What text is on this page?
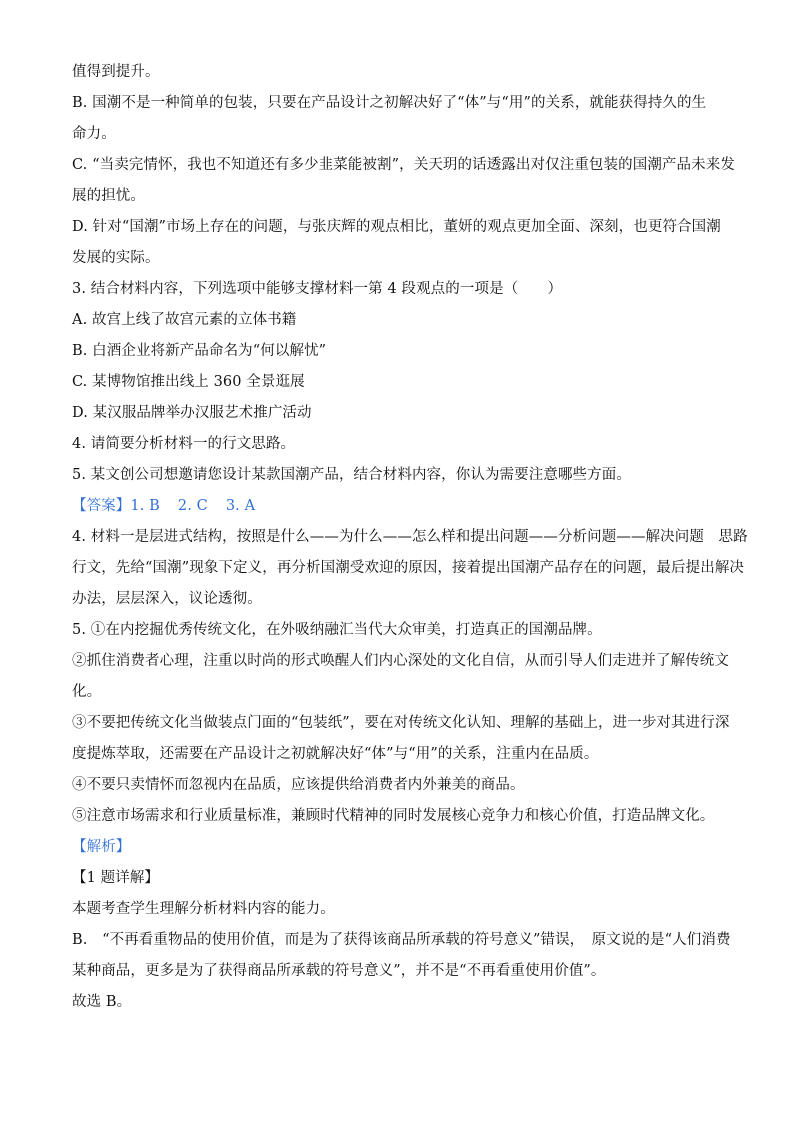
值得到提升。

B. 国潮不是一种简单的包装，只要在产品设计之初解决好了“体”与“用”的关系，就能获得持久的生

命力。

C. “当卖完情怀，我也不知道还有多少韭菜能被割”，关天玥的话透露出对仅注重包装的国潮产品未来发

展的担忧。

D. 针对“国潮”市场上存在的问题，与张庆辉的观点相比，董妍的观点更加全面、深刻，也更符合国潮

发展的实际。

3. 结合材料内容，下列选项中能够支撑材料一第 4 段观点的一项是（　　）

A. 故宫上线了故宫元素的立体书籍

B. 白酒企业将新产品命名为“何以解忧”

C. 某博物馆推出线上 360 全景逛展

D. 某汉服品牌举办汉服艺术推广活动

4. 请简要分析材料一的行文思路。

5. 某文创公司想邀请您设计某款国潮产品，结合材料内容，你认为需要注意哪些方面。

【答案】1. B 2. C 3. A

4. 材料一是层进式结构，按照是什么——为什么——怎么样和提出问题——分析问题——解决问题　思路

行文，先给“国潮”现象下定义，再分析国潮受欢迎的原因，接着提出国潮产品存在的问题，最后提出解决

办法，层层深入，议论透彻。

5. ①在内挖掘优秀传统文化，在外吸纳融汇当代大众审美，打造真正的国潮品牌。

②抓住消费者心理，注重以时尚的形式唤醒人们内心深处的文化自信，从而引导人们走进并了解传统文

化。

③不要把传统文化当做装点门面的“包装纸”，要在对传统文化认知、理解的基础上，进一步对其进行深

度提炼萃取，还需要在产品设计之初就解决好“体”与“用”的关系，注重内在品质。

④不要只卖情怀而忽视内在品质，应该提供给消费者内外兼美的商品。

⑤注意市场需求和行业质量标准，兼顾时代精神的同时发展核心竞争力和核心价值，打造品牌文化。

【解析】

【1 题详解】

本题考查学生理解分析材料内容的能力。

B.　“不再看重物品的使用价值，而是为了获得该商品所承载的符号意义”错误，　原文说的是“人们消费

某种商品，更多是为了获得商品所承载的符号意义”，并不是“不再看重使用价值”。

故选 B。
